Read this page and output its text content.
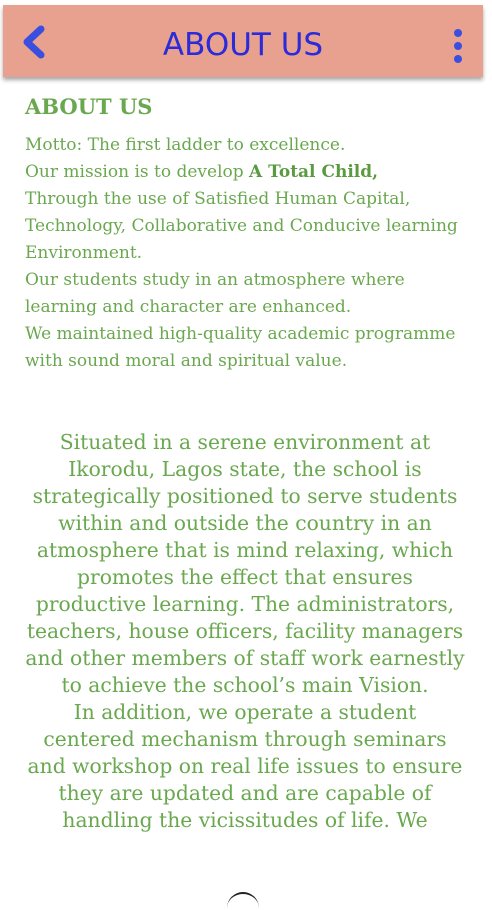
ABOUT US
ABOUT US
Motto: The first ladder to excellence.
Our mission is to develop A Total Child,
Through the use of Satisfied Human Capital, Technology, Collaborative and Conducive learning Environment.
Our students study in an atmosphere where learning and character are enhanced.
We maintained high-quality academic programme with sound moral and spiritual value.
Situated in a serene environment at Ikorodu, Lagos state, the school is strategically positioned to serve students within and outside the country in an atmosphere that is mind relaxing, which promotes the effect that ensures productive learning. The administrators, teachers, house officers, facility managers and other members of staff work earnestly to achieve the school’s main Vision.
In addition, we operate a student centered mechanism through seminars and workshop on real life issues to ensure they are updated and are capable of handling the vicissitudes of life. We
